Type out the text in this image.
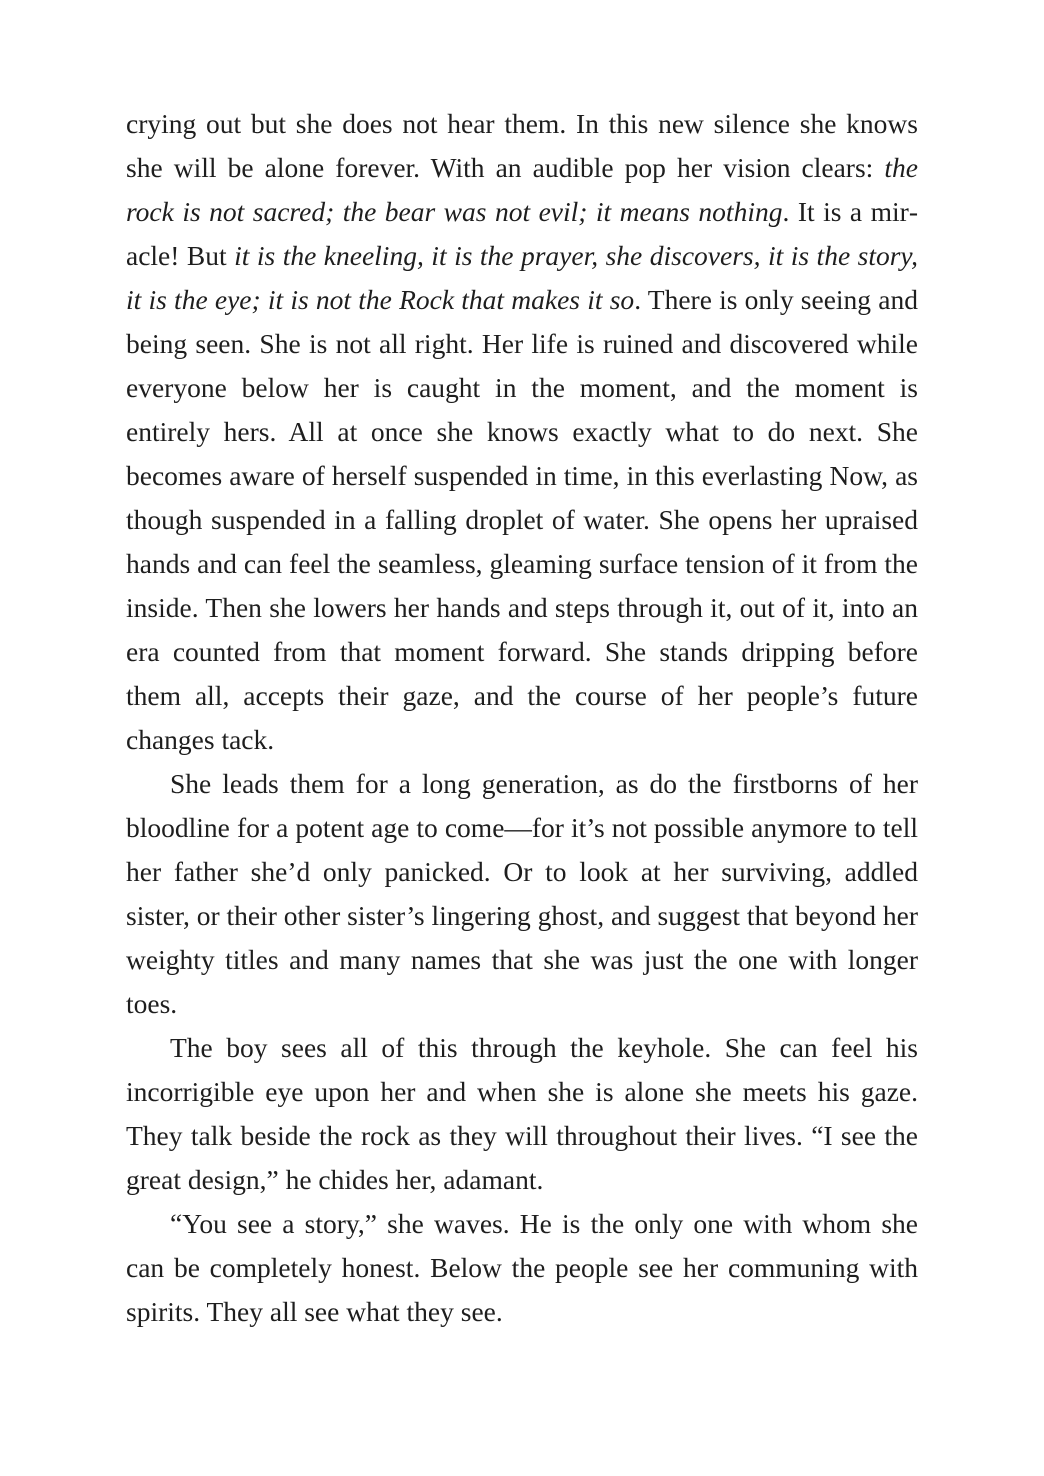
crying out but she does not hear them. In this new silence she knows she will be alone forever. With an audible pop her vision clears: the rock is not sacred; the bear was not evil; it means nothing. It is a miracle! But it is the kneeling, it is the prayer, she discovers, it is the story, it is the eye; it is not the Rock that makes it so. There is only seeing and being seen. She is not all right. Her life is ruined and discovered while everyone below her is caught in the moment, and the moment is entirely hers. All at once she knows exactly what to do next. She becomes aware of herself suspended in time, in this everlasting Now, as though suspended in a falling droplet of water. She opens her upraised hands and can feel the seamless, gleaming surface tension of it from the inside. Then she lowers her hands and steps through it, out of it, into an era counted from that moment forward. She stands dripping before them all, accepts their gaze, and the course of her people’s future changes tack.

She leads them for a long generation, as do the firstborns of her bloodline for a potent age to come—for it’s not possible anymore to tell her father she’d only panicked. Or to look at her surviving, addled sister, or their other sister’s lingering ghost, and suggest that beyond her weighty titles and many names that she was just the one with longer toes.

The boy sees all of this through the keyhole. She can feel his incorrigible eye upon her and when she is alone she meets his gaze. They talk beside the rock as they will throughout their lives. “I see the great design,” he chides her, adamant.

“You see a story,” she waves. He is the only one with whom she can be completely honest. Below the people see her communing with spirits. They all see what they see.
